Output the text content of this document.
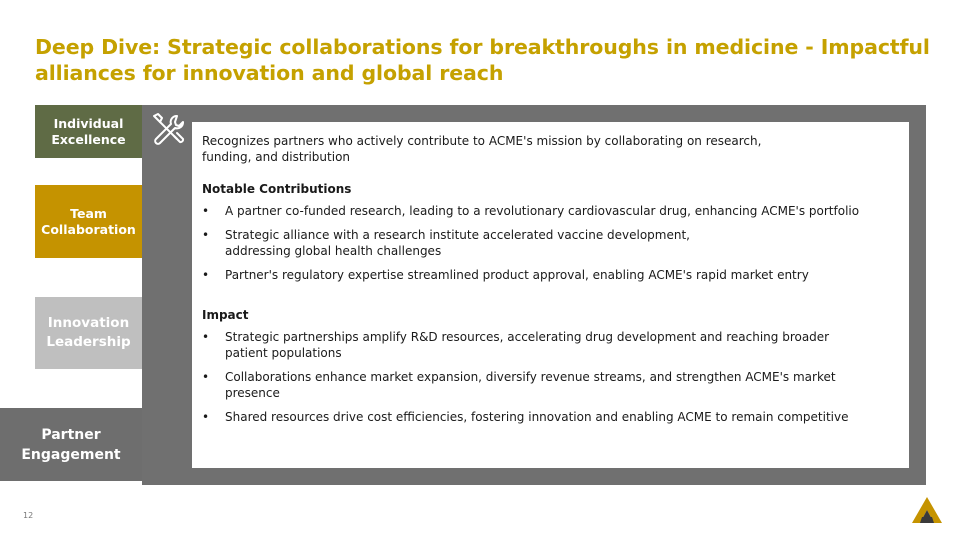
Deep Dive: Strategic collaborations for breakthroughs in medicine - Impactful alliances for innovation and global reach
Individual
Excellence
Team
Collaboration
Innovation
Leadership
Partner
Engagement

Recognizes partners who actively contribute to ACME's mission by collaborating on research,
funding, and distribution

Notable Contributions
• A partner co-funded research, leading to a revolutionary cardiovascular drug, enhancing ACME's portfolio
• Strategic alliance with a research institute accelerated vaccine development,
addressing global health challenges
• Partner's regulatory expertise streamlined product approval, enabling ACME's rapid market entry
Impact
• Strategic partnerships amplify R&D resources, accelerating drug development and reaching broader
patient populations
• Collaborations enhance market expansion, diversify revenue streams, and strengthen ACME's market
presence
• Shared resources drive cost efficiencies, fostering innovation and enabling ACME to remain competitive
12
